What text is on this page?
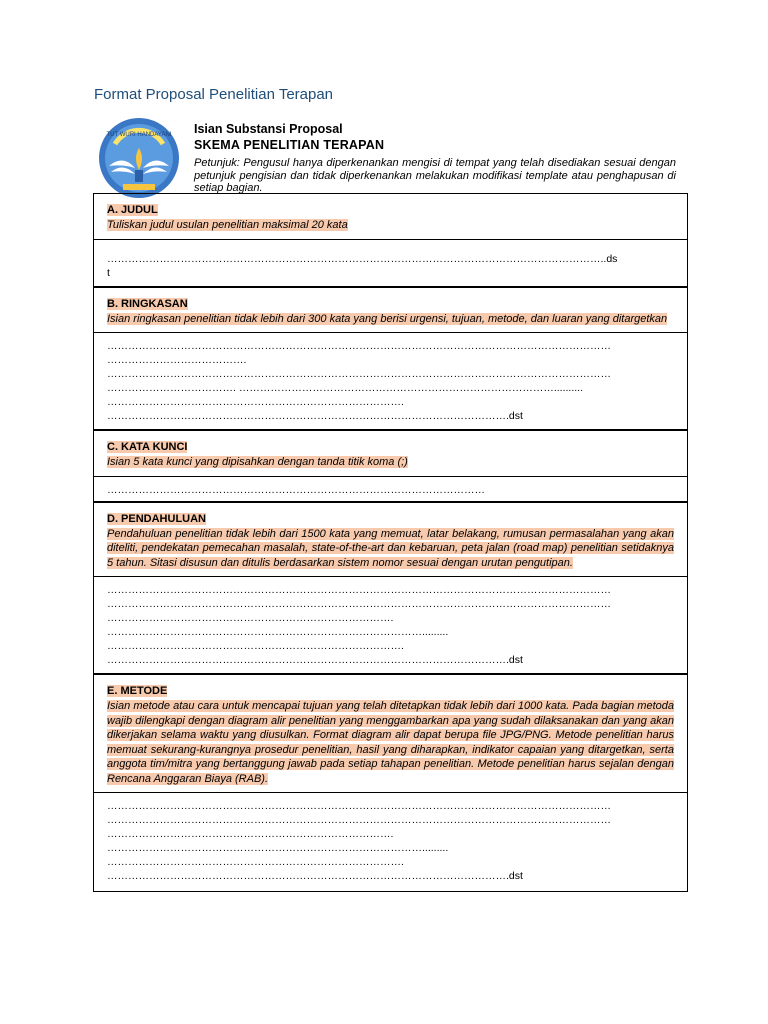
Format Proposal Penelitian Terapan
TUT WURI HANDAYANI Isian Substansi Proposal

SKEMA PENELITIAN TERAPAN

Petunjuk: Pengusul hanya diperkenankan mengisi di tempat yang telah disediakan sesuai dengan petunjuk pengisian dan tidak diperkenankan melakukan modifikasi template atau penghapusan di setiap bagian.

A. JUDUL
Tuliskan judul usulan penelitian maksimal 20 kata
……………………………………………………………………………………………………………………………..ds
t
B. RINGKASAN
Isian ringkasan penelitian tidak lebih dari 300 kata yang berisi urgensi, tujuan, metode, dan luaran yang ditargetkan
………………………………………………………………………………………………………………………………
………………………………….
………………………………………………………………………………………………………………………………
………………………………. ………………………………………………………………………………..........
………………………………………………………………………….
…………………………………………………………………………………………………….dst
C. KATA KUNCI
Isian 5 kata kunci yang dipisahkan dengan tanda titik koma (;)
………………………………………………………………………………………………
D. PENDAHULUAN
Pendahuluan penelitian tidak lebih dari 1500 kata yang memuat, latar belakang, rumusan permasalahan yang akan diteliti, pendekatan pemecahan masalah, state-of-the-art dan kebaruan, peta jalan (road map) penelitian setidaknya 5 tahun. Sitasi disusun dan ditulis berdasarkan sistem nomor sesuai dengan urutan pengutipan.
………………………………………………………………………………………………………………………………
………………………………………………………………………………………………………………………………
……………………………………………………………………….
……………………………………………………………………………….........
………………………………………………………………………….
…………………………………………………………………………………………………….dst
E. METODE
Isian metode atau cara untuk mencapai tujuan yang telah ditetapkan tidak lebih dari 1000 kata. Pada bagian metoda wajib dilengkapi dengan diagram alir penelitian yang menggambarkan apa yang sudah dilaksanakan dan yang akan dikerjakan selama waktu yang diusulkan. Format diagram alir dapat berupa file JPG/PNG. Metode penelitian harus memuat sekurang-kurangnya prosedur penelitian, hasil yang diharapkan, indikator capaian yang ditargetkan, serta anggota tim/mitra yang bertanggung jawab pada setiap tahapan penelitian. Metode penelitian harus sejalan dengan Rencana Anggaran Biaya (RAB).
………………………………………………………………………………………………………………………………
………………………………………………………………………………………………………………………………
……………………………………………………………………….
……………………………………………………………………………….........
………………………………………………………………………….
…………………………………………………………………………………………………….dst
